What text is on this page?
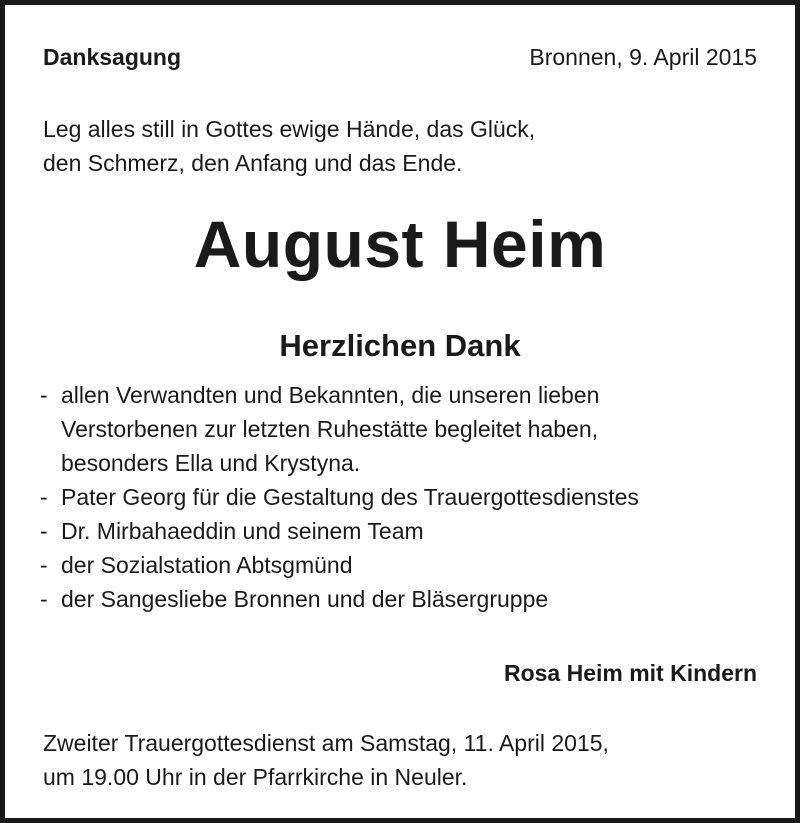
Danksagung	Bronnen, 9. April 2015
Leg alles still in Gottes ewige Hände, das Glück,
den Schmerz, den Anfang und das Ende.
August Heim
Herzlichen Dank
- allen Verwandten und Bekannten, die unseren lieben
Verstorbenen zur letzten Ruhestätte begleitet haben,
besonders Ella und Krystyna.
- Pater Georg für die Gestaltung des Trauergottesdienstes
- Dr. Mirbahaeddin und seinem Team
- der Sozialstation Abtsgmünd
- der Sangesliebe Bronnen und der Bläsergruppe
Rosa Heim mit Kindern
Zweiter Trauergottesdienst am Samstag, 11. April 2015,
um 19.00 Uhr in der Pfarrkirche in Neuler.
